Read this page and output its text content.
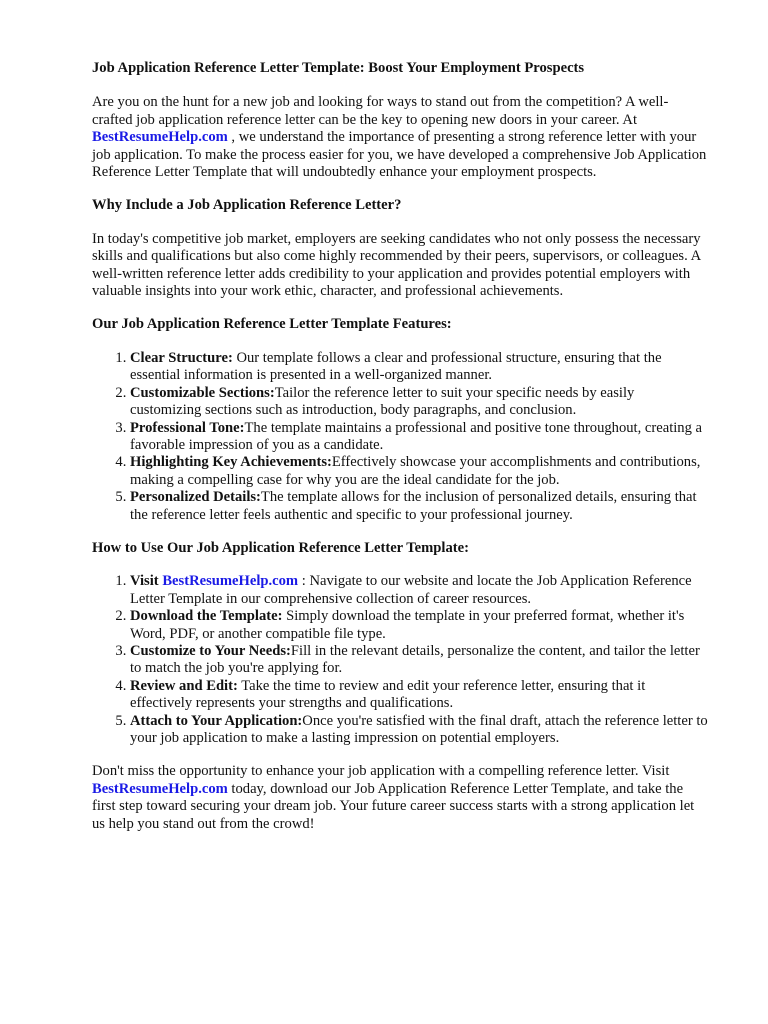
Job Application Reference Letter Template: Boost Your Employment Prospects

Are you on the hunt for a new job and looking for ways to stand out from the competition? A well-crafted job application reference letter can be the key to opening new doors in your career. At BestResumeHelp.com , we understand the importance of presenting a strong reference letter with your job application. To make the process easier for you, we have developed a comprehensive Job Application Reference Letter Template that will undoubtedly enhance your employment prospects.

Why Include a Job Application Reference Letter?

In today's competitive job market, employers are seeking candidates who not only possess the necessary skills and qualifications but also come highly recommended by their peers, supervisors, or colleagues. A well-written reference letter adds credibility to your application and provides potential employers with valuable insights into your work ethic, character, and professional achievements.

Our Job Application Reference Letter Template Features:
1. Clear Structure: Our template follows a clear and professional structure, ensuring that the essential information is presented in a well-organized manner.
2. Customizable Sections:Tailor the reference letter to suit your specific needs by easily customizing sections such as introduction, body paragraphs, and conclusion.
3. Professional Tone:The template maintains a professional and positive tone throughout, creating a favorable impression of you as a candidate.
4. Highlighting Key Achievements:Effectively showcase your accomplishments and contributions, making a compelling case for why you are the ideal candidate for the job.
5. Personalized Details:The template allows for the inclusion of personalized details, ensuring that the reference letter feels authentic and specific to your professional journey.
How to Use Our Job Application Reference Letter Template:
1. Visit BestResumeHelp.com : Navigate to our website and locate the Job Application Reference Letter Template in our comprehensive collection of career resources.
2. Download the Template: Simply download the template in your preferred format, whether it's Word, PDF, or another compatible file type.
3. Customize to Your Needs:Fill in the relevant details, personalize the content, and tailor the letter to match the job you're applying for.
4. Review and Edit: Take the time to review and edit your reference letter, ensuring that it effectively represents your strengths and qualifications.
5. Attach to Your Application:Once you're satisfied with the final draft, attach the reference letter to your job application to make a lasting impression on potential employers.

Don't miss the opportunity to enhance your job application with a compelling reference letter. Visit BestResumeHelp.com today, download our Job Application Reference Letter Template, and take the first step toward securing your dream job. Your future career success starts with a strong application let us help you stand out from the crowd!
